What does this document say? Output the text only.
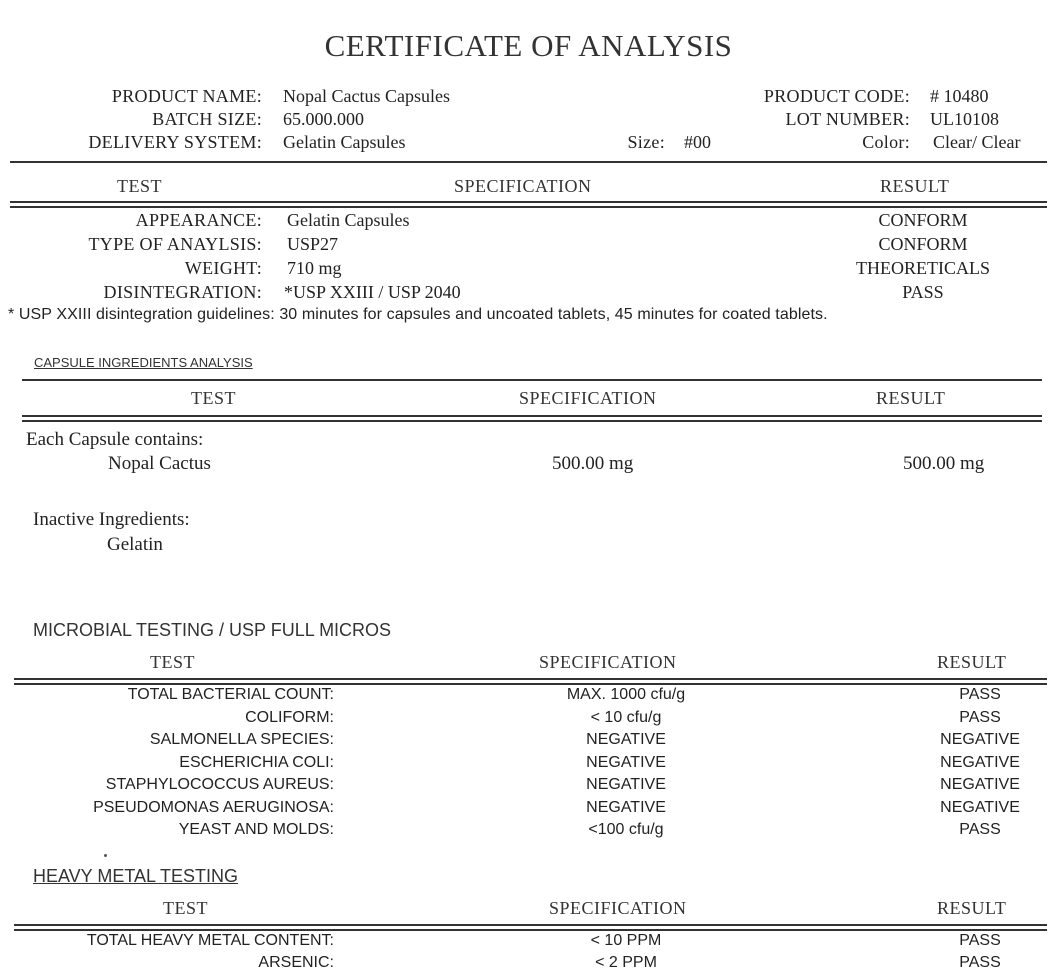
CERTIFICATE OF ANALYSIS
PRODUCT NAME: Nopal Cactus Capsules
BATCH SIZE: 65.000.000
DELIVERY SYSTEM: Gelatin Capsules	Size: #00
PRODUCT CODE: # 10480
LOT NUMBER: UL10108
Color: Clear/ Clear
TEST	SPECIFICATION	RESULT
APPEARANCE: Gelatin Capsules	CONFORM
TYPE OF ANAYLSIS: USP27	CONFORM
WEIGHT: 710 mg	THEORETICALS
DISINTEGRATION: *USP XXIII / USP 2040	PASS
* USP XXIII disintegration guidelines: 30 minutes for capsules and uncoated tablets, 45 minutes for coated tablets.
CAPSULE INGREDIENTS ANALYSIS
TEST	SPECIFICATION	RESULT
Each Capsule contains:
Nopal Cactus	500.00 mg	500.00 mg
Inactive Ingredients:
Gelatin
MICROBIAL TESTING / USP FULL MICROS
TEST	SPECIFICATION	RESULT
TOTAL BACTERIAL COUNT:	MAX. 1000 cfu/g	PASS
COLIFORM:	< 10 cfu/g	PASS
SALMONELLA SPECIES:	NEGATIVE	NEGATIVE
ESCHERICHIA COLI:	NEGATIVE	NEGATIVE
STAPHYLOCOCCUS AUREUS:	NEGATIVE	NEGATIVE
PSEUDOMONAS AERUGINOSA:	NEGATIVE	NEGATIVE
YEAST AND MOLDS:	<100 cfu/g	PASS
HEAVY METAL TESTING
TEST	SPECIFICATION	RESULT
TOTAL HEAVY METAL CONTENT:	< 10 PPM	PASS
ARSENIC:	< 2 PPM	PASS
